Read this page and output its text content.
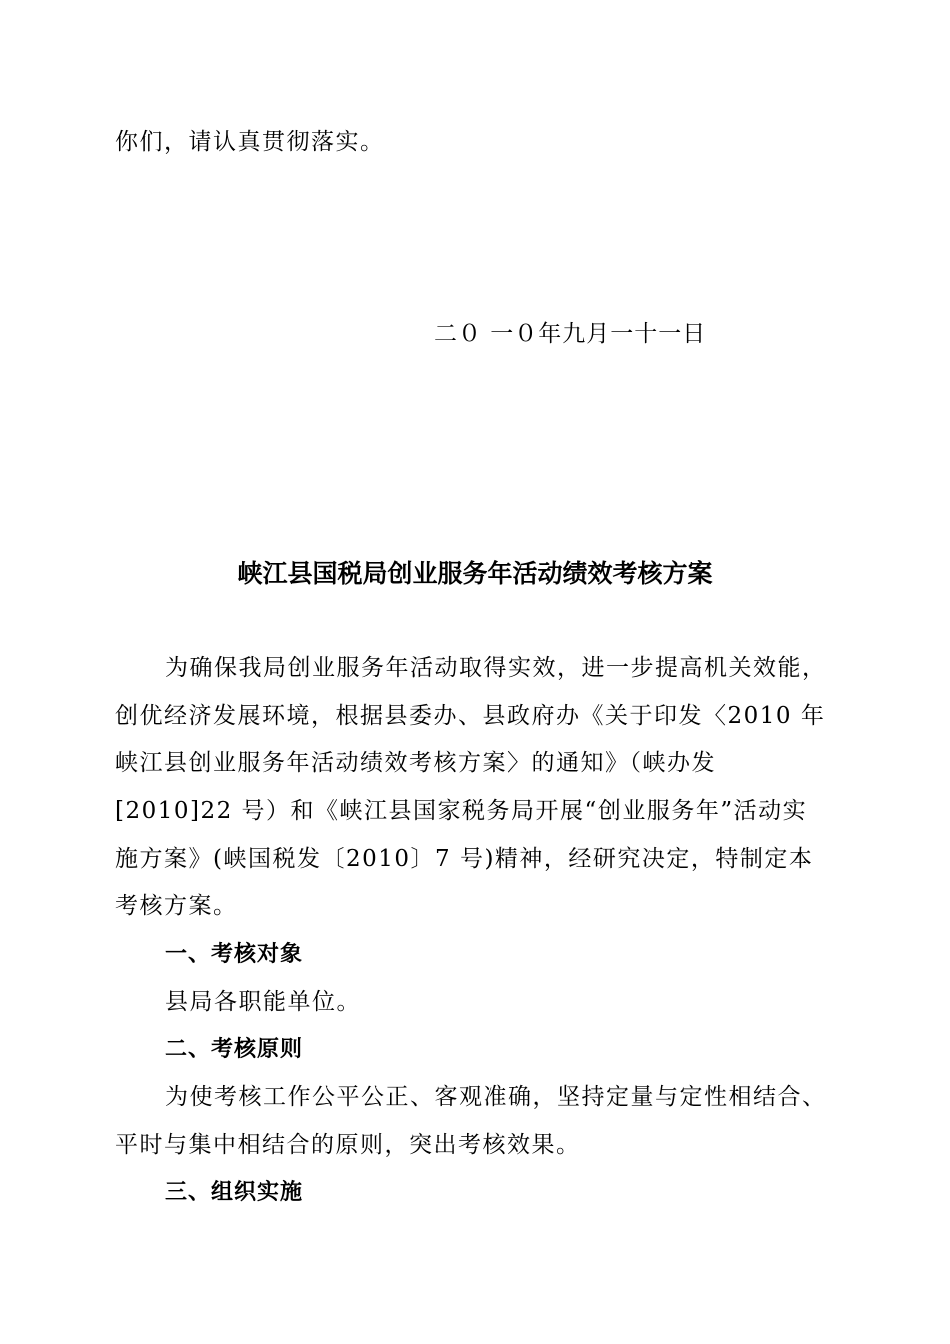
你们，请认真贯彻落实。
二０ 一０年九月一十一日
峡江县国税局创业服务年活动绩效考核方案
为确保我局创业服务年活动取得实效，进一步提高机关效能，
创优经济发展环境，根据县委办、县政府办《关于印发〈2010 年
峡江县创业服务年活动绩效考核方案〉的通知》（峡办发
[2010]22 号）和《峡江县国家税务局开展“创业服务年”活动实
施方案》(峡国税发〔2010〕7 号)精神，经研究决定，特制定本
考核方案。
一、考核对象
县局各职能单位。
二、考核原则
为使考核工作公平公正、客观准确，坚持定量与定性相结合、
平时与集中相结合的原则，突出考核效果。
三、组织实施
